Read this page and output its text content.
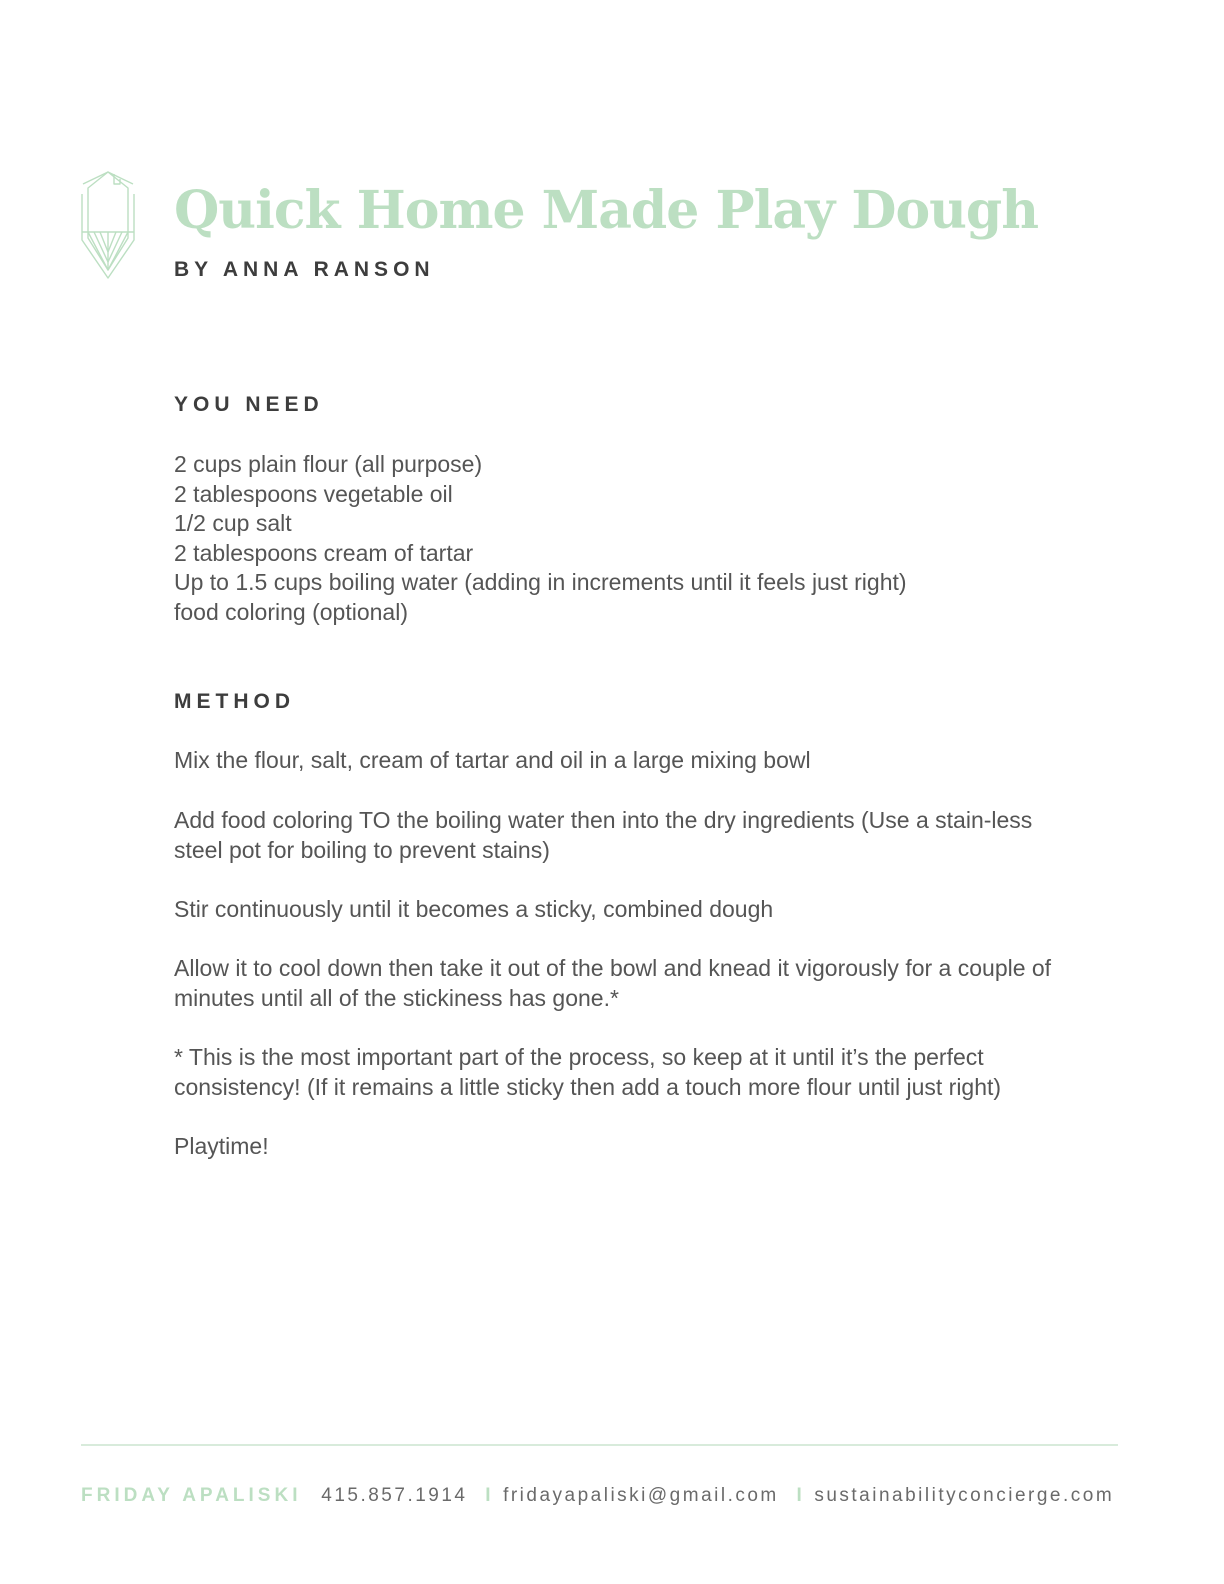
Quick Home Made Play Dough
BY ANNA RANSON
YOU NEED
2 cups plain flour (all purpose)
2 tablespoons vegetable oil
1/2 cup salt
2 tablespoons cream of tartar
Up to 1.5 cups boiling water (adding in increments until it feels just right)
food coloring (optional)
METHOD

Mix the flour, salt, cream of tartar and oil in a large mixing bowl

Add food coloring TO the boiling water then into the dry ingredients (Use a stain-less steel pot for boiling to prevent stains)

Stir continuously until it becomes a sticky, combined dough

Allow it to cool down then take it out of the bowl and knead it vigorously for a couple of minutes until all of the stickiness has gone.*

* This is the most important part of the process, so keep at it until it’s the perfect consistency! (If it remains a little sticky then add a touch more flour until just right)

Playtime!

FRIDAY APALISKI 415.857.1914 I fridayapaliski@gmail.com I sustainabilityconcierge.com
